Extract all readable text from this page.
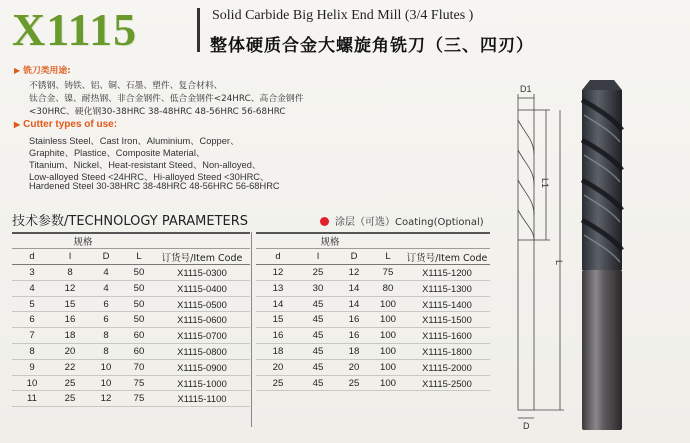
X1115	Solid Carbide Big Helix End Mill (3/4 Flutes )
整体硬质合金大螺旋角铣刀（三、四刃）
▶ 铣刀类用途:
不锈钢、铸铁、铝、铜、石墨、塑件、复合材料、
钛合金、镍、耐热钢、非合金钢件、低合金钢件<24HRC、高合金钢件
<30HRC、硬化钢30-38HRC 38-48HRC 48-56HRC 56-68HRC
▶ Cutter types of use:
Stainless Steel、Cast Iron、Aluminium、Copper、
Graphite、Plastice、Composite Material、
Titanium、Nickel、Heat-resistant Steed、Non-alloyed、
Low-alloyed Steed <24HRC、Hi-alloyed Steed <30HRC、
Hardened Steel 30-38HRC 38-48HRC 48-56HRC 56-68HRC
技术参数/TECHNOLOGY PARAMETERS	涂层（可选）Coating(Optional)
规格				
d	l	D	L	订货号/Item Code
3	8	4	50	X1115-0300
4	12	4	50	X1115-0400
5	15	6	50	X1115-0500
6	16	6	50	X1115-0600
7	18	8	60	X1115-0700
8	20	8	60	X1115-0800
9	22	10	70	X1115-0900
10	25	10	75	X1115-1000
11	25	12	75	X1115-1100
规格				
d	l	D	L	订货号/Item Code
12	25	12	75	X1115-1200
13	30	14	80	X1115-1300
14	45	14	100	X1115-1400
15	45	16	100	X1115-1500
16	45	16	100	X1115-1600
18	45	18	100	X1115-1800
20	45	20	100	X1115-2000
25	45	25	100	X1115-2500
D1
L1
L
D
